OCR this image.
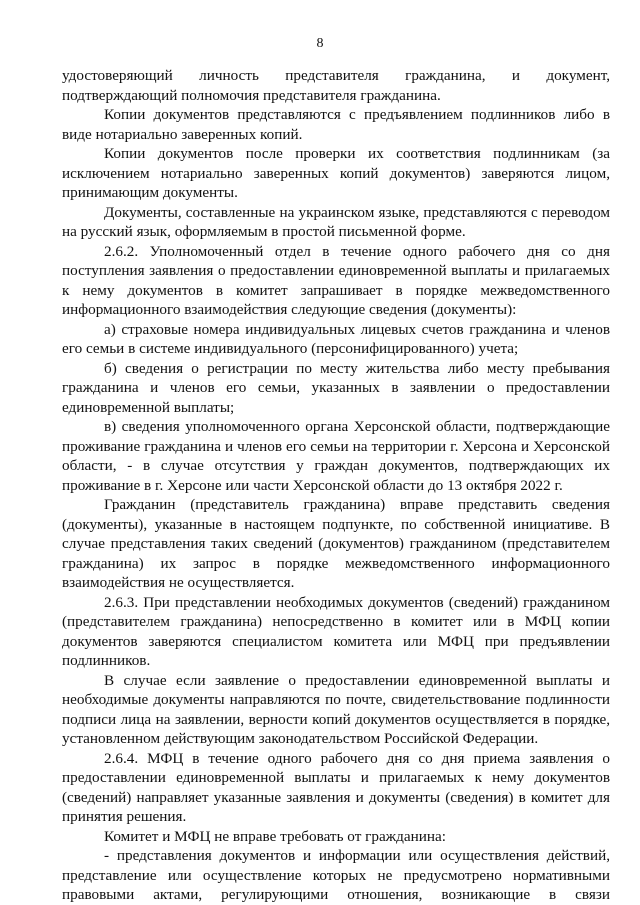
8

удостоверяющий личность представителя гражданина, и документ, подтверждающий полномочия представителя гражданина.

Копии документов представляются с предъявлением подлинников либо в виде нотариально заверенных копий.

Копии документов после проверки их соответствия подлинникам (за исключением нотариально заверенных копий документов) заверяются лицом, принимающим документы.

Документы, составленные на украинском языке, представляются с переводом на русский язык, оформляемым в простой письменной форме.

2.6.2. Уполномоченный отдел в течение одного рабочего дня со дня поступления заявления о предоставлении единовременной выплаты и прилагаемых к нему документов в комитет запрашивает в порядке межведомственного информационного взаимодействия следующие сведения (документы):

а) страховые номера индивидуальных лицевых счетов гражданина и членов его семьи в системе индивидуального (персонифицированного) учета;

б) сведения о регистрации по месту жительства либо месту пребывания гражданина и членов его семьи, указанных в заявлении о предоставлении единовременной выплаты;

в) сведения уполномоченного органа Херсонской области, подтверждающие проживание гражданина и членов его семьи на территории г. Херсона и Херсонской области, - в случае отсутствия у граждан документов, подтверждающих их проживание в г. Херсоне или части Херсонской области до 13 октября 2022 г.

Гражданин (представитель гражданина) вправе представить сведения (документы), указанные в настоящем подпункте, по собственной инициативе. В случае представления таких сведений (документов) гражданином (представителем гражданина) их запрос в порядке межведомственного информационного взаимодействия не осуществляется.

2.6.3. При представлении необходимых документов (сведений) гражданином (представителем гражданина) непосредственно в комитет или в МФЦ копии документов заверяются специалистом комитета или МФЦ при предъявлении подлинников.

В случае если заявление о предоставлении единовременной выплаты и необходимые документы направляются по почте, свидетельствование подлинности подписи лица на заявлении, верности копий документов осуществляется в порядке, установленном действующим законодательством Российской Федерации.

2.6.4. МФЦ в течение одного рабочего дня со дня приема заявления о предоставлении единовременной выплаты и прилагаемых к нему документов (сведений) направляет указанные заявления и документы (сведения) в комитет для принятия решения.

Комитет и МФЦ не вправе требовать от гражданина:

- представления документов и информации или осуществления действий, представление или осуществление которых не предусмотрено нормативными правовыми актами, регулирующими отношения, возникающие в связи
